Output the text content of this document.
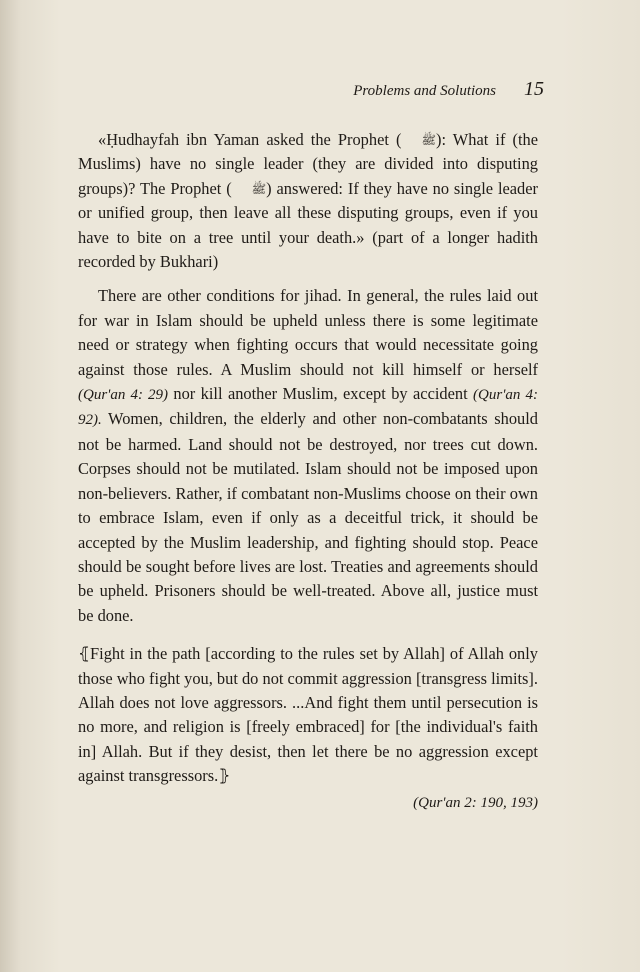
Problems and Solutions 15

«Ḥudhayfah ibn Yaman asked the Prophet ( ﷺ): What if (the Muslims) have no single leader (they are divided into disputing groups)? The Prophet ( ﷺ) answered: If they have no single leader or unified group, then leave all these disputing groups, even if you have to bite on a tree until your death.» (part of a longer hadith recorded by Bukhari)

There are other conditions for jihad. In general, the rules laid out for war in Islam should be upheld unless there is some legitimate need or strategy when fighting occurs that would necessitate going against those rules. A Muslim should not kill himself or herself (Qur'an 4: 29) nor kill another Muslim, except by accident (Qur'an 4: 92). Women, children, the elderly and other non-combatants should not be harmed. Land should not be destroyed, nor trees cut down. Corpses should not be mutilated. Islam should not be imposed upon non-believers. Rather, if combatant non-Muslims choose on their own to embrace Islam, even if only as a deceitful trick, it should be accepted by the Muslim leadership, and fighting should stop. Peace should be sought before lives are lost. Treaties and agreements should be upheld. Prisoners should be well-treated. Above all, justice must be done.

⦃Fight in the path [according to the rules set by Allah] of Allah only those who fight you, but do not commit aggression [transgress limits]. Allah does not love aggressors. ...And fight them until persecution is no more, and religion is [freely embraced] for [the individual's faith in] Allah. But if they desist, then let there be no aggression except against transgressors.⦄

(Qur'an 2: 190, 193)
